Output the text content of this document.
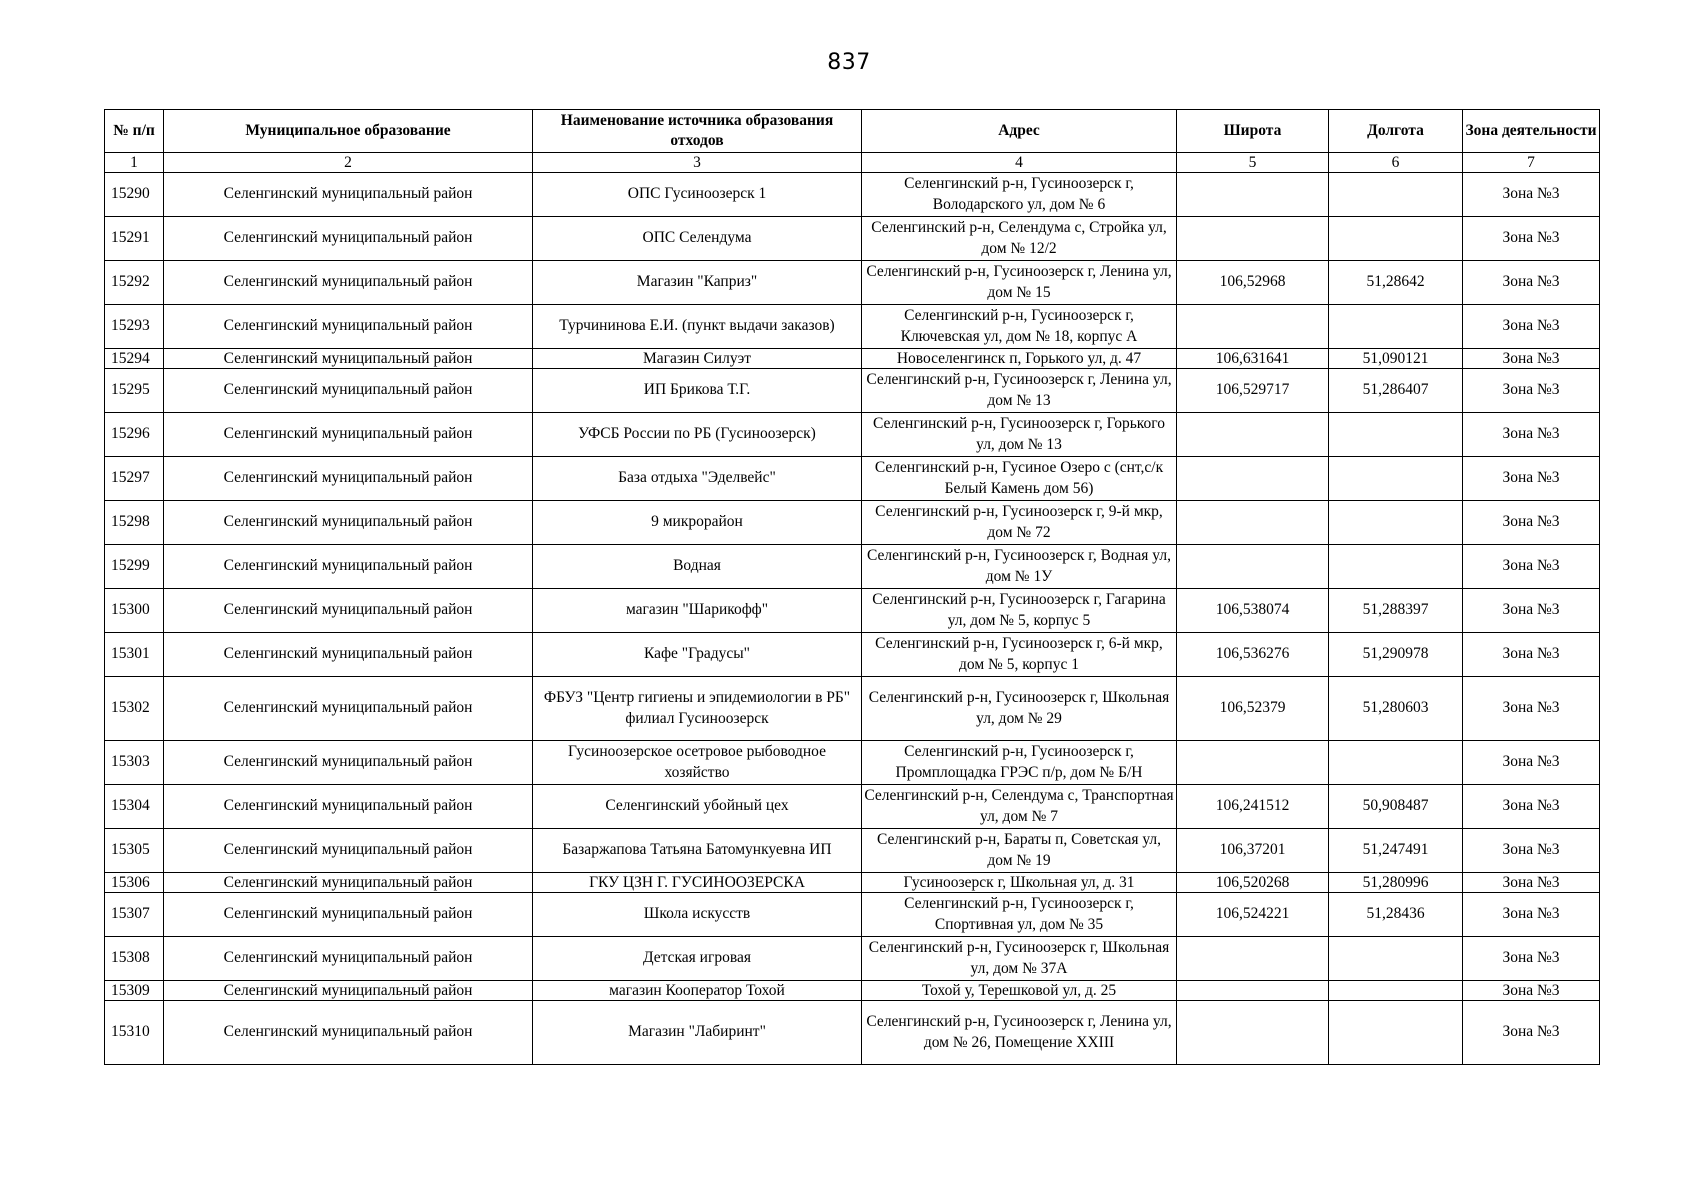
837
№ п/п	Муниципальное образование	Наименование источника образования отходов	Адрес	Широта	Долгота	Зона деятельности
1	2	3	4	5	6	7
15290	Селенгинский муниципальный район	ОПС Гусиноозерск 1	Селенгинский р-н, Гусиноозерск г, Володарского ул, дом № 6			Зона №3
15291	Селенгинский муниципальный район	ОПС Селендума	Селенгинский р-н, Селендума с, Стройка ул, дом № 12/2			Зона №3
15292	Селенгинский муниципальный район	Магазин "Каприз"	Селенгинский р-н, Гусиноозерск г, Ленина ул, дом № 15	106,52968	51,28642	Зона №3
15293	Селенгинский муниципальный район	Турчининова Е.И. (пункт выдачи заказов)	Селенгинский р-н, Гусиноозерск г, Ключевская ул, дом № 18, корпус А			Зона №3
15294	Селенгинский муниципальный район	Магазин Силуэт	Новоселенгинск п, Горького ул, д. 47	106,631641	51,090121	Зона №3
15295	Селенгинский муниципальный район	ИП Брикова Т.Г.	Селенгинский р-н, Гусиноозерск г, Ленина ул, дом № 13	106,529717	51,286407	Зона №3
15296	Селенгинский муниципальный район	УФСБ России по РБ (Гусиноозерск)	Селенгинский р-н, Гусиноозерск г, Горького ул, дом № 13			Зона №3
15297	Селенгинский муниципальный район	База отдыха "Эделвейс"	Селенгинский р-н, Гусиное Озеро с (снт,с/к Белый Камень дом 56)			Зона №3
15298	Селенгинский муниципальный район	9 микрорайон	Селенгинский р-н, Гусиноозерск г, 9-й мкр, дом № 72			Зона №3
15299	Селенгинский муниципальный район	Водная	Селенгинский р-н, Гусиноозерск г, Водная ул, дом № 1У			Зона №3
15300	Селенгинский муниципальный район	магазин "Шарикофф"	Селенгинский р-н, Гусиноозерск г, Гагарина ул, дом № 5, корпус 5	106,538074	51,288397	Зона №3
15301	Селенгинский муниципальный район	Кафе "Градусы"	Селенгинский р-н, Гусиноозерск г, 6-й мкр, дом № 5, корпус 1	106,536276	51,290978	Зона №3
15302	Селенгинский муниципальный район	ФБУЗ "Центр гигиены и эпидемиологии в РБ" филиал Гусиноозерск	Селенгинский р-н, Гусиноозерск г, Школьная ул, дом № 29	106,52379	51,280603	Зона №3
15303	Селенгинский муниципальный район	Гусиноозерское осетровое рыбоводное хозяйство	Селенгинский р-н, Гусиноозерск г, Промплощадка ГРЭС п/р, дом № Б/Н			Зона №3
15304	Селенгинский муниципальный район	Селенгинский убойный цех	Селенгинский р-н, Селендума с, Транспортная ул, дом № 7	106,241512	50,908487	Зона №3
15305	Селенгинский муниципальный район	Базаржапова Татьяна Батомункуевна ИП	Селенгинский р-н, Бараты п, Советская ул, дом № 19	106,37201	51,247491	Зона №3
15306	Селенгинский муниципальный район	ГКУ ЦЗН Г. ГУСИНООЗЕРСКА	Гусиноозерск г, Школьная ул, д. 31	106,520268	51,280996	Зона №3
15307	Селенгинский муниципальный район	Школа искусств	Селенгинский р-н, Гусиноозерск г, Спортивная ул, дом № 35	106,524221	51,28436	Зона №3
15308	Селенгинский муниципальный район	Детская игровая	Селенгинский р-н, Гусиноозерск г, Школьная ул, дом № 37А			Зона №3
15309	Селенгинский муниципальный район	магазин Кооператор Тохой	Тохой у, Терешковой ул, д. 25			Зона №3
15310	Селенгинский муниципальный район	Магазин "Лабиринт"	Селенгинский р-н, Гусиноозерск г, Ленина ул, дом № 26, Помещение XXIII			Зона №3
